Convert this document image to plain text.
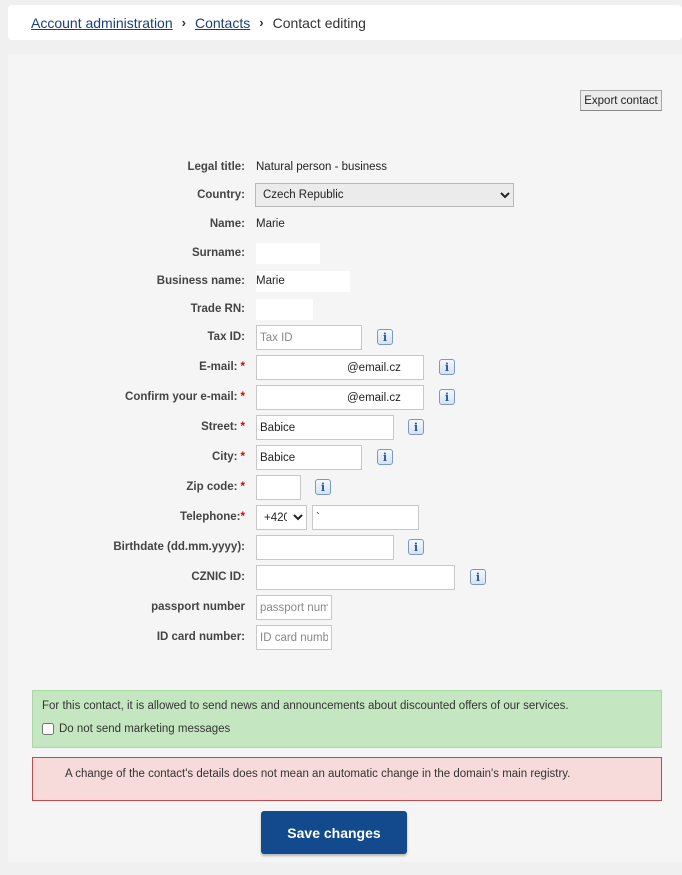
Account administration › Contacts › Contact editing
Export contact
Legal title: Natural person - business
Country:
Czech Republic
Name: Marie
Surname:
Business name: Marie
Trade RN:
Tax ID:
Tax ID	i
E-mail: *
@email.cz	i
Confirm your e-mail: *
@email.cz	i
Street: *
Babice	i
City: *
Babice	i
Zip code: *	i
Telephone:*
+420
`
Birthdate (dd.mm.yyyy):	i
CZNIC ID:	i
passport number
passport number
ID card number:
ID card number
For this contact, it is allowed to send news and announcements about discounted offers of our services.
Do not send marketing messages
A change of the contact's details does not mean an automatic change in the domain's main registry.
Save changes
